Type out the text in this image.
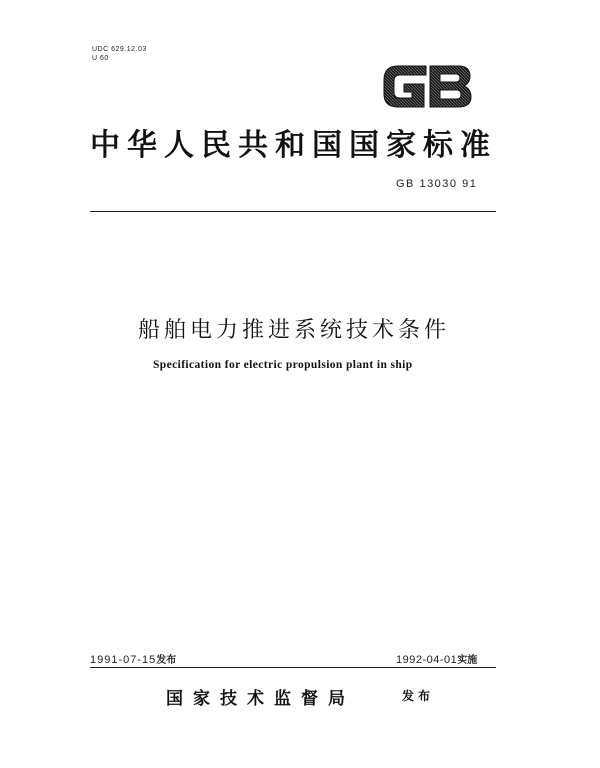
UDC 629.12.03
U 60
中华人民共和国国家标准
GB 13030 91
船舶电力推进系统技术条件
Specification for electric propulsion plant in ship
1991-07-15发布	1992-04-01实施
国家技术监督局	发布
